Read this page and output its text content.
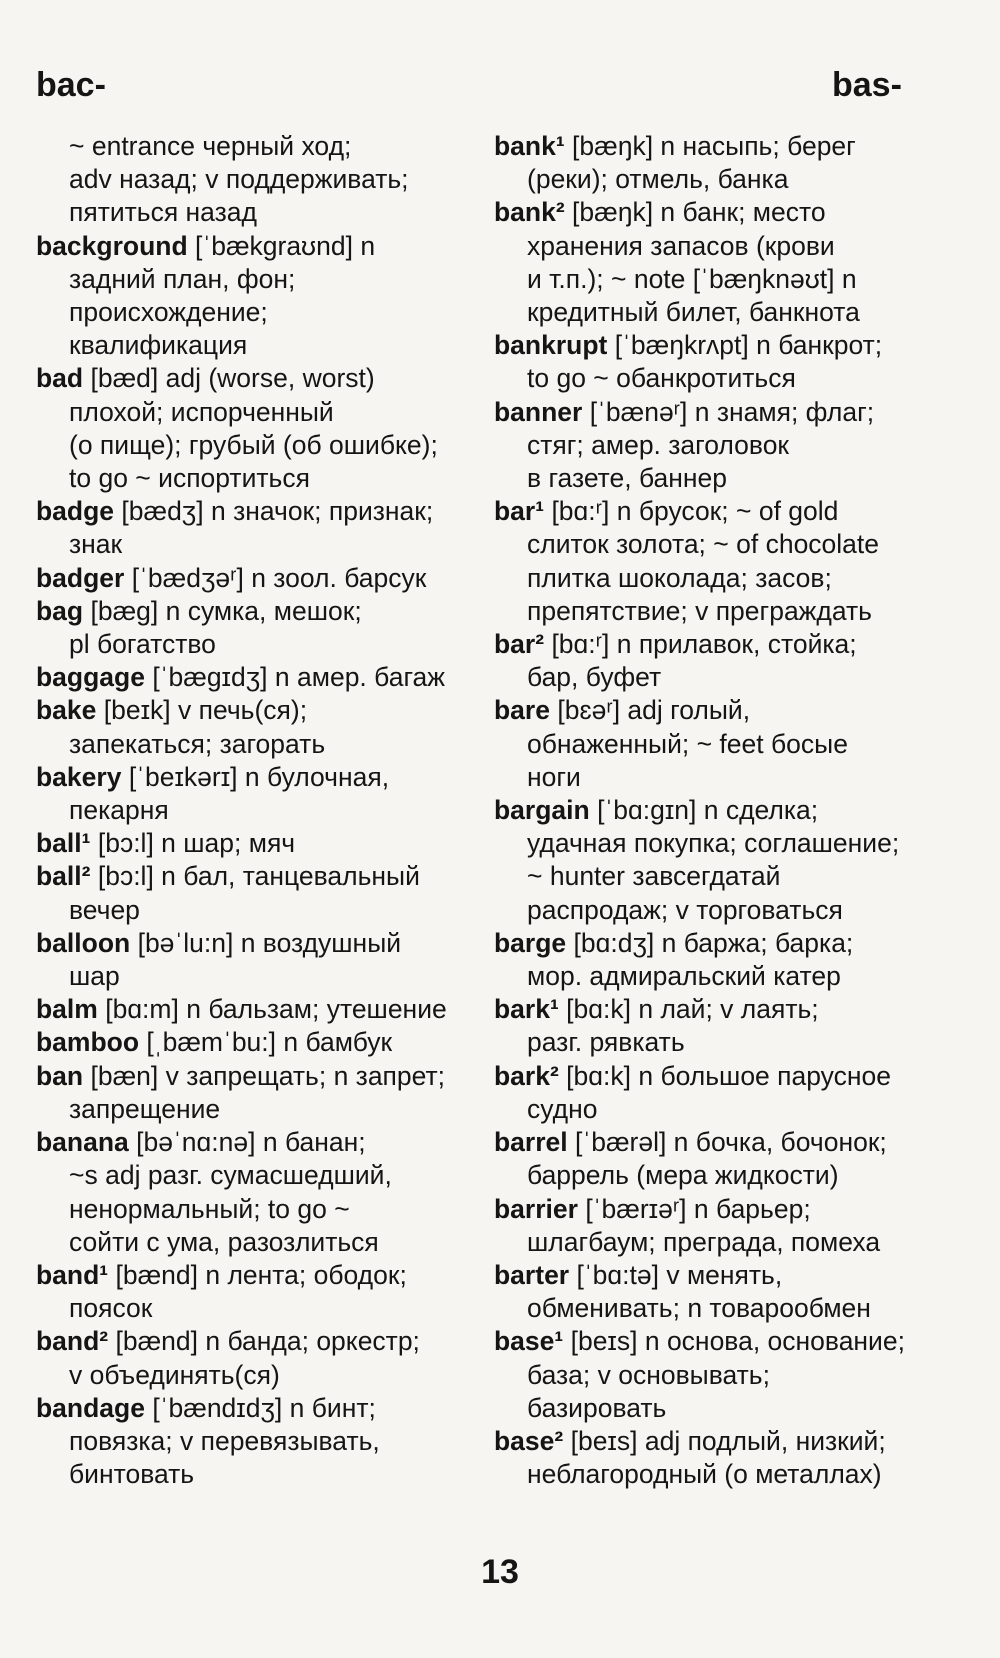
bac-	bas-
~ entrance черный ход;
adv назад; v поддерживать;
пятиться назад
background [ˈbækgraʊnd] n
задний план, фон;
происхождение;
квалификация
bad [bæd] adj (worse, worst)
плохой; испорченный
(о пище); грубый (об ошибке);
to go ~ испортиться
badge [bædʒ] n значок; признак;
знак
badger [ˈbædʒəʳ] n зоол. барсук
bag [bæg] n сумка, мешок;
pl богатство
baggage [ˈbægɪdʒ] n амер. багаж
bake [beɪk] v печь(ся);
запекаться; загорать
bakery [ˈbeɪkərɪ] n булочная,
пекарня
ball¹ [bɔ:l] n шар; мяч
ball² [bɔ:l] n бал, танцевальный
вечер
balloon [bəˈlu:n] n воздушный
шар
balm [bɑ:m] n бальзам; утешение
bamboo [ˌbæmˈbu:] n бамбук
ban [bæn] v запрещать; n запрет;
запрещение
banana [bəˈnɑ:nə] n банан;
~s adj разг. сумасшедший,
ненормальный; to go ~
сойти с ума, разозлиться
band¹ [bænd] n лента; ободок;
поясок
band² [bænd] n банда; оркестр;
v объединять(ся)
bandage [ˈbændɪdʒ] n бинт;
повязка; v перевязывать,
бинтовать
bank¹ [bæŋk] n насыпь; берег
(реки); отмель, банка
bank² [bæŋk] n банк; место
хранения запасов (крови
и т.п.); ~ note [ˈbæŋknəʊt] n
кредитный билет, банкнота
bankrupt [ˈbæŋkrʌpt] n банкрот;
to go ~ обанкротиться
banner [ˈbænəʳ] n знамя; флаг;
стяг; амер. заголовок
в газете, баннер
bar¹ [bɑ:ʳ] n брусок; ~ of gold
слиток золота; ~ of chocolate
плитка шоколада; засов;
препятствие; v преграждать
bar² [bɑ:ʳ] n прилавок, стойка;
бар, буфет
bare [bɛəʳ] adj голый,
обнаженный; ~ feet босые
ноги
bargain [ˈbɑ:gɪn] n сделка;
удачная покупка; соглашение;
~ hunter завсегдатай
распродаж; v торговаться
barge [bɑ:dʒ] n баржа; барка;
мор. адмиральский катер
bark¹ [bɑ:k] n лай; v лаять;
разг. рявкать
bark² [bɑ:k] n большое парусное
судно
barrel [ˈbærəl] n бочка, бочонок;
баррель (мера жидкости)
barrier [ˈbærɪəʳ] n барьер;
шлагбаум; преграда, помеха
barter [ˈbɑ:tə] v менять,
обменивать; n товарообмен
base¹ [beɪs] n основа, основание;
база; v основывать;
базировать
base² [beɪs] adj подлый, низкий;
неблагородный (о металлах)
13
